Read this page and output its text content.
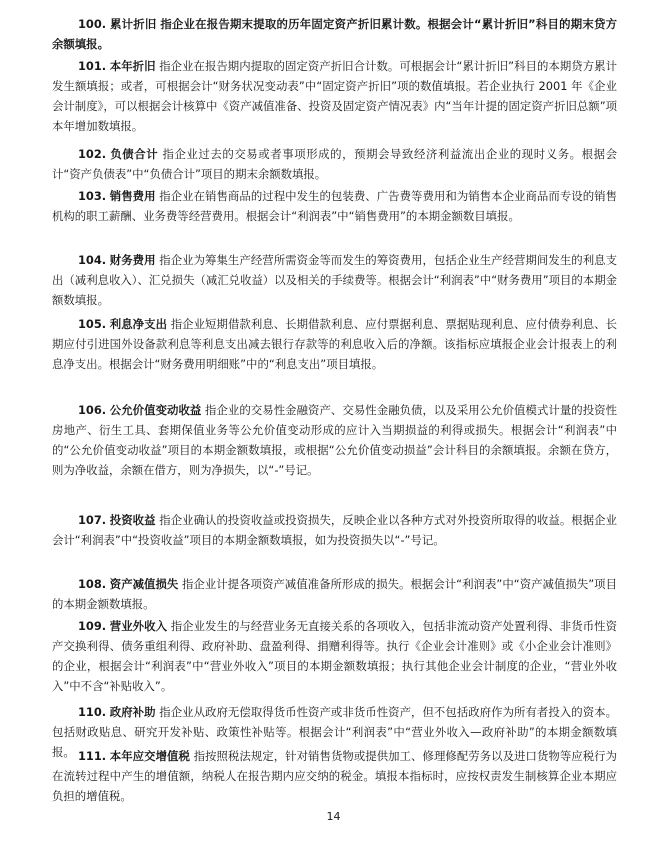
100. 累计折旧 指企业在报告期末提取的历年固定资产折旧累计数。根据会计“累计折旧”科目的期末贷方余额填报。

101. 本年折旧 指企业在报告期内提取的固定资产折旧合计数。可根据会计“累计折旧”科目的本期贷方累计发生额填报；或者，可根据会计“财务状况变动表”中“固定资产折旧”项的数值填报。若企业执行 2001 年《企业会计制度》，可以根据会计核算中《资产减值准备、投资及固定资产情况表》内“当年计提的固定资产折旧总额”项本年增加数填报。

102. 负债合计 指企业过去的交易或者事项形成的，预期会导致经济利益流出企业的现时义务。根据会计“资产负债表”中“负债合计”项目的期末余额数填报。

103. 销售费用 指企业在销售商品的过程中发生的包装费、广告费等费用和为销售本企业商品而专设的销售机构的职工薪酬、业务费等经营费用。根据会计“利润表”中“销售费用”的本期金额数目填报。

104. 财务费用 指企业为筹集生产经营所需资金等而发生的筹资费用，包括企业生产经营期间发生的利息支出（减利息收入）、汇兑损失（减汇兑收益）以及相关的手续费等。根据会计“利润表”中“财务费用”项目的本期金额数填报。

105. 利息净支出 指企业短期借款利息、长期借款利息、应付票据利息、票据贴现利息、应付债券利息、长期应付引进国外设备款利息等利息支出减去银行存款等的利息收入后的净额。该指标应填报企业会计报表上的利息净支出。根据会计“财务费用明细账”中的“利息支出”项目填报。

106. 公允价值变动收益 指企业的交易性金融资产、交易性金融负债，以及采用公允价值模式计量的投资性房地产、衍生工具、套期保值业务等公允价值变动形成的应计入当期损益的利得或损失。根据会计“利润表”中的“公允价值变动收益”项目的本期金额数填报，或根据“公允价值变动损益”会计科目的余额填报。余额在贷方，则为净收益，余额在借方，则为净损失，以“-”号记。

107. 投资收益 指企业确认的投资收益或投资损失，反映企业以各种方式对外投资所取得的收益。根据企业会计“利润表”中“投资收益”项目的本期金额数填报，如为投资损失以“-”号记。

108. 资产减值损失 指企业计提各项资产减值准备所形成的损失。根据会计“利润表”中“资产减值损失”项目的本期金额数填报。

109. 营业外收入 指企业发生的与经营业务无直接关系的各项收入，包括非流动资产处置利得、非货币性资产交换利得、债务重组利得、政府补助、盘盈利得、捐赠利得等。执行《企业会计准则》或《小企业会计准则》的企业，根据会计“利润表”中“营业外收入”项目的本期金额数填报；执行其他企业会计制度的企业，“营业外收入”中不含“补贴收入”。

110. 政府补助 指企业从政府无偿取得货币性资产或非货币性资产，但不包括政府作为所有者投入的资本。包括财政贴息、研究开发补贴、政策性补贴等。根据会计“利润表”中“营业外收入—政府补助”的本期金额数填报。 111. 本年应交增值税 指按照税法规定，针对销售货物或提供加工、修理修配劳务以及进口货物等应税行为在流转过程中产生的增值额，纳税人在报告期内应交纳的税金。填报本指标时，应按权责发生制核算企业本期应负担的增值税。

14
